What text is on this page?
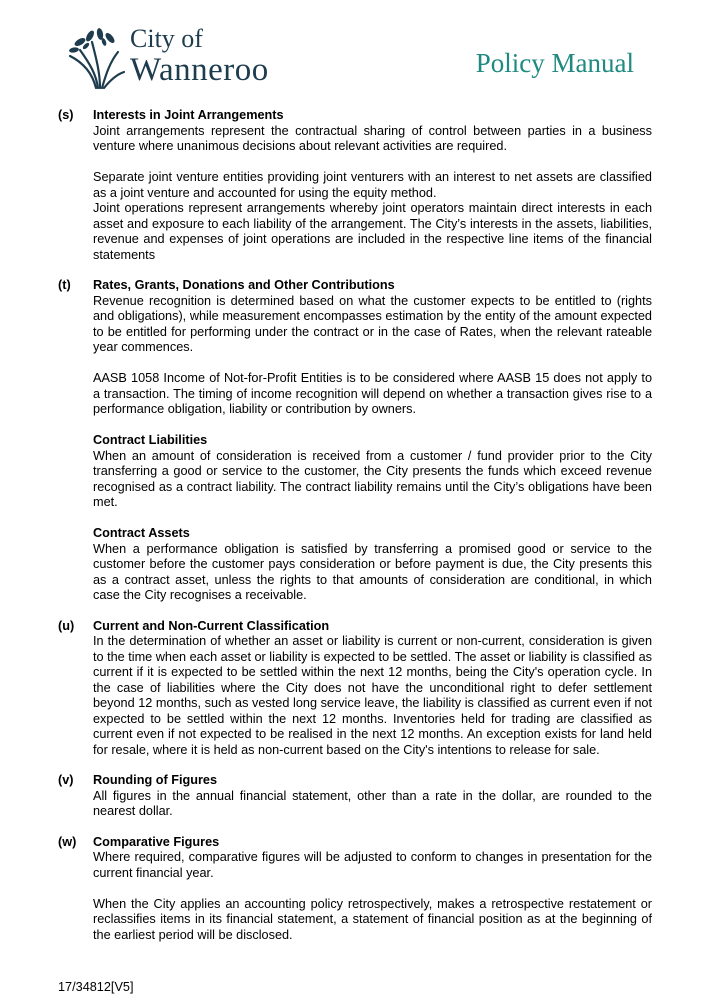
City of
Wanneroo	Policy Manual
(s) Interests in Joint Arrangements

Joint arrangements represent the contractual sharing of control between parties in a business venture where unanimous decisions about relevant activities are required.

Separate joint venture entities providing joint venturers with an interest to net assets are classified as a joint venture and accounted for using the equity method.

Joint operations represent arrangements whereby joint operators maintain direct interests in each asset and exposure to each liability of the arrangement. The City’s interests in the assets, liabilities, revenue and expenses of joint operations are included in the respective line items of the financial statements

(t) Rates, Grants, Donations and Other Contributions

Revenue recognition is determined based on what the customer expects to be entitled to (rights and obligations), while measurement encompasses estimation by the entity of the amount expected to be entitled for performing under the contract or in the case of Rates, when the relevant rateable year commences.

AASB 1058 Income of Not-for-Profit Entities is to be considered where AASB 15 does not apply to a transaction. The timing of income recognition will depend on whether a transaction gives rise to a performance obligation, liability or contribution by owners.

Contract Liabilities

When an amount of consideration is received from a customer / fund provider prior to the City transferring a good or service to the customer, the City presents the funds which exceed revenue recognised as a contract liability. The contract liability remains until the City’s obligations have been met.

Contract Assets

When a performance obligation is satisfied by transferring a promised good or service to the customer before the customer pays consideration or before payment is due, the City presents this as a contract asset, unless the rights to that amounts of consideration are conditional, in which case the City recognises a receivable.

(u) Current and Non-Current Classification

In the determination of whether an asset or liability is current or non-current, consideration is given to the time when each asset or liability is expected to be settled. The asset or liability is classified as current if it is expected to be settled within the next 12 months, being the City's operation cycle. In the case of liabilities where the City does not have the unconditional right to defer settlement beyond 12 months, such as vested long service leave, the liability is classified as current even if not expected to be settled within the next 12 months. Inventories held for trading are classified as current even if not expected to be realised in the next 12 months. An exception exists for land held for resale, where it is held as non-current based on the City's intentions to release for sale.

(v) Rounding of Figures

All figures in the annual financial statement, other than a rate in the dollar, are rounded to the nearest dollar.

(w) Comparative Figures

Where required, comparative figures will be adjusted to conform to changes in presentation for the current financial year.

When the City applies an accounting policy retrospectively, makes a retrospective restatement or reclassifies items in its financial statement, a statement of financial position as at the beginning of the earliest period will be disclosed.

17/34812[V5]
